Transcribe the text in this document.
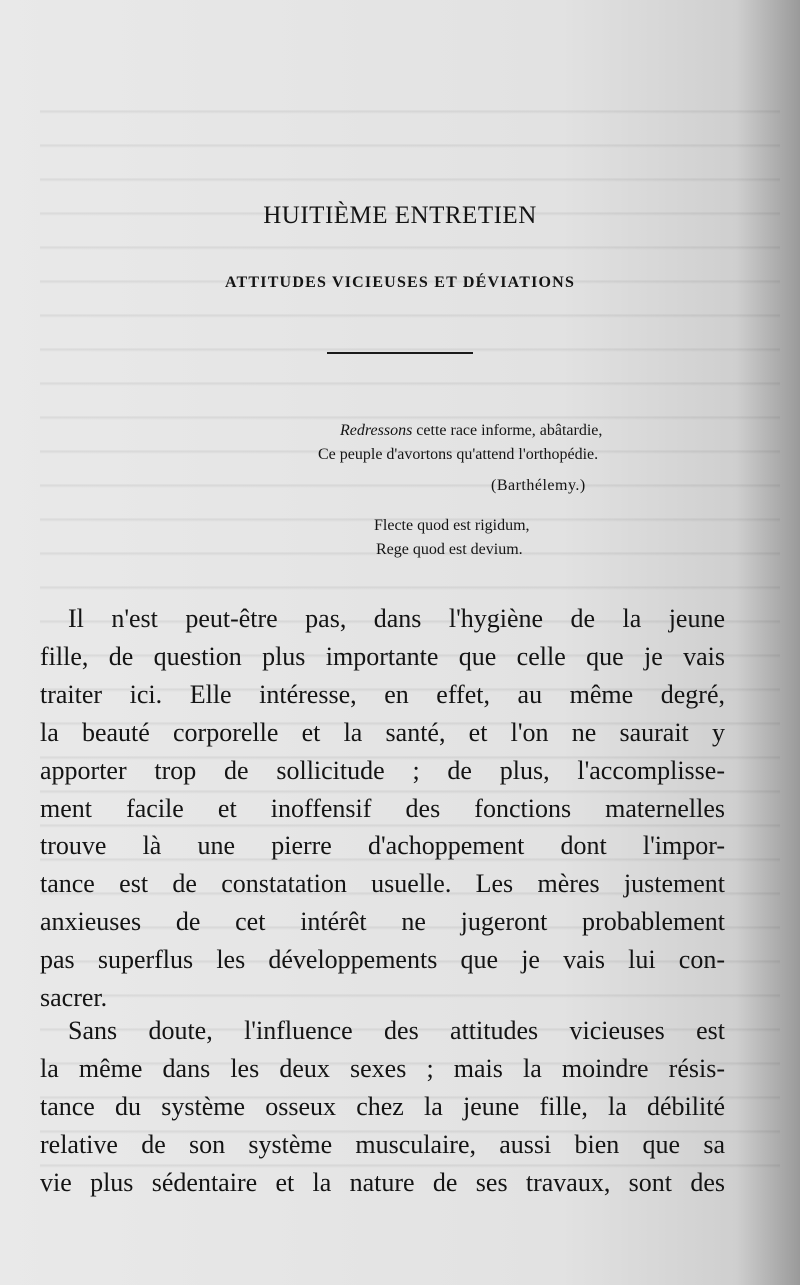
HUITIÈME ENTRETIEN
ATTITUDES VICIEUSES ET DÉVIATIONS
Redressons cette race informe, abâtardie,
Ce peuple d'avortons qu'attend l'orthopédie.
(Barthélemy.)
Flecte quod est rigidum,
Rege quod est devium.
Il n'est peut-être pas, dans l'hygiène de la jeune
fille, de question plus importante que celle que je vais
traiter ici. Elle intéresse, en effet, au même degré,
la beauté corporelle et la santé, et l'on ne saurait y
apporter trop de sollicitude ; de plus, l'accomplisse-
ment facile et inoffensif des fonctions maternelles
trouve là une pierre d'achoppement dont l'impor-
tance est de constatation usuelle. Les mères justement
anxieuses de cet intérêt ne jugeront probablement
pas superflus les développements que je vais lui con-
sacrer.
Sans doute, l'influence des attitudes vicieuses est
la même dans les deux sexes ; mais la moindre résis-
tance du système osseux chez la jeune fille, la débilité
relative de son système musculaire, aussi bien que sa
vie plus sédentaire et la nature de ses travaux, sont des
